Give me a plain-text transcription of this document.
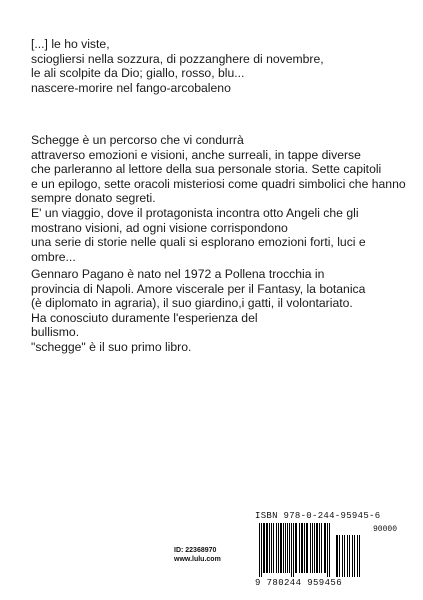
[...] le ho viste,
sciogliersi nella sozzura, di pozzanghere di novembre,
le ali scolpite da Dio; giallo, rosso, blu...
nascere-morire nel fango-arcobaleno
Schegge è un percorso che vi condurrà
attraverso emozioni e visioni, anche surreali, in tappe diverse
che parleranno al lettore della sua personale storia. Sette capitoli
e un epilogo, sette oracoli misteriosi come quadri simbolici che hanno
sempre donato segreti.
E' un viaggio, dove il protagonista incontra otto Angeli che gli
mostrano visioni, ad ogni visione corrispondono
una serie di storie nelle quali si esplorano emozioni forti, luci e
ombre...
Gennaro Pagano è nato nel 1972 a Pollena trocchia in
provincia di Napoli. Amore viscerale per il Fantasy, la botanica
(è diplomato in agraria), il suo giardino,i gatti, il volontariato.
Ha conosciuto duramente l'esperienza del
bullismo.
"schegge" è il suo primo libro.
ID: 22368970
www.lulu.com
ISBN 978-0-244-95945-6
90000
9 780244 959456
